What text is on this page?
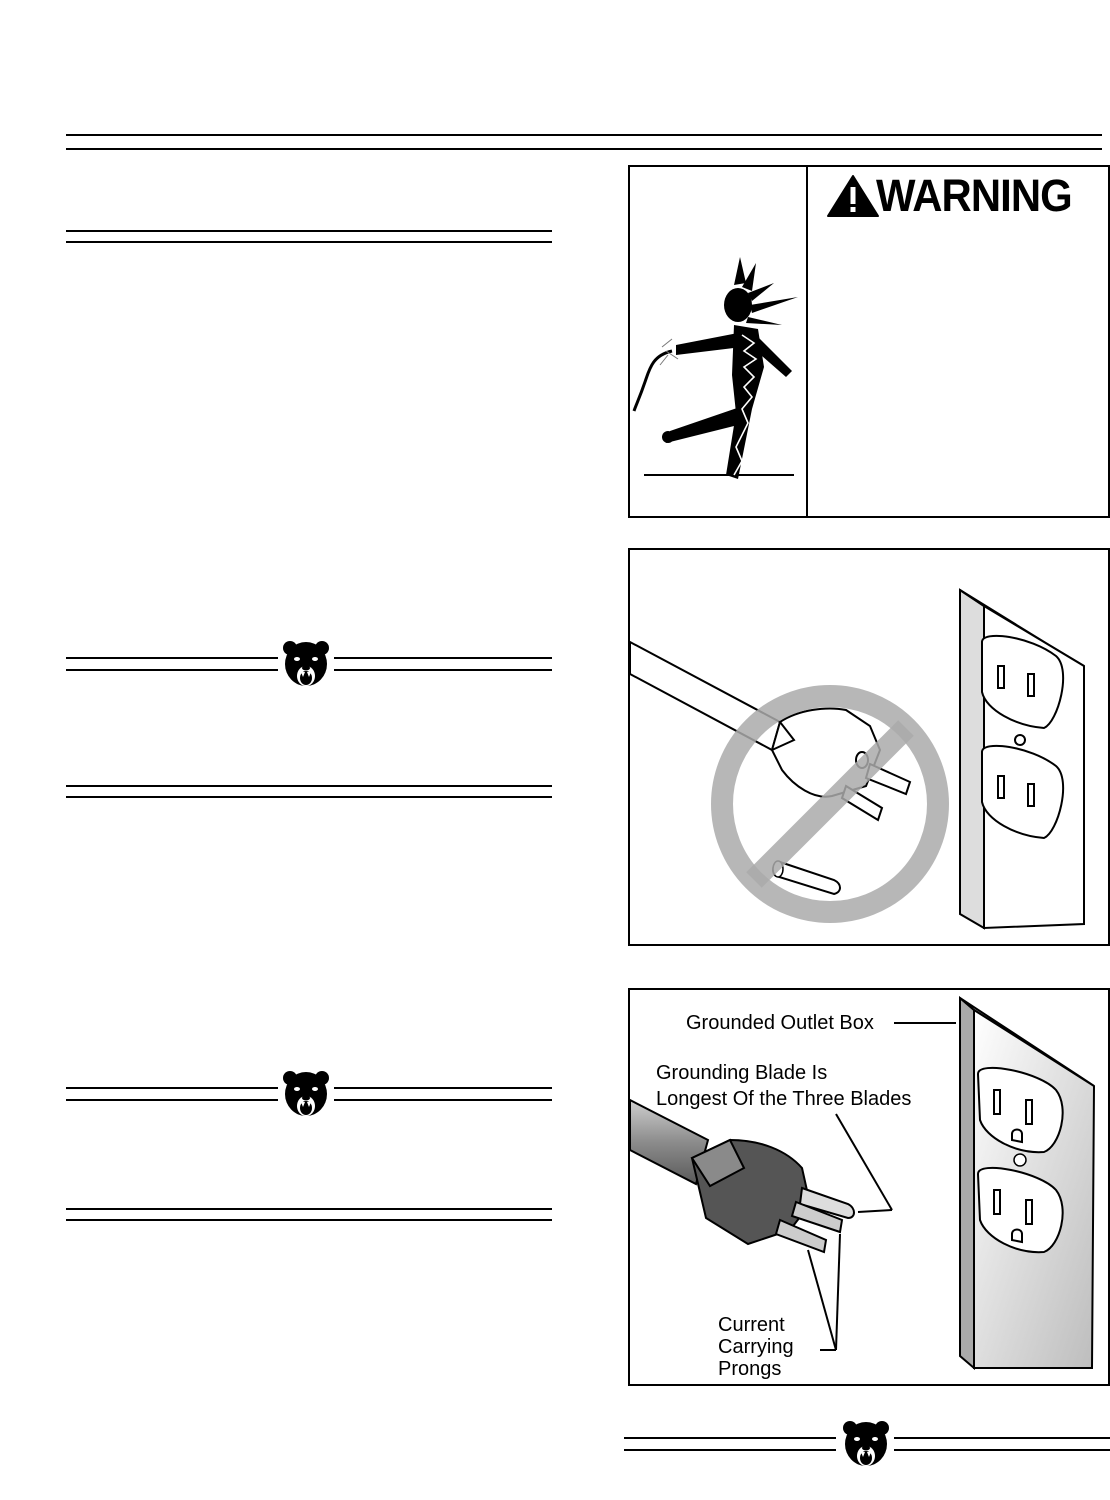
WARNING
Grounded Outlet Box
Grounding Blade Is
Longest Of the Three Blades
Current
Carrying
Prongs
